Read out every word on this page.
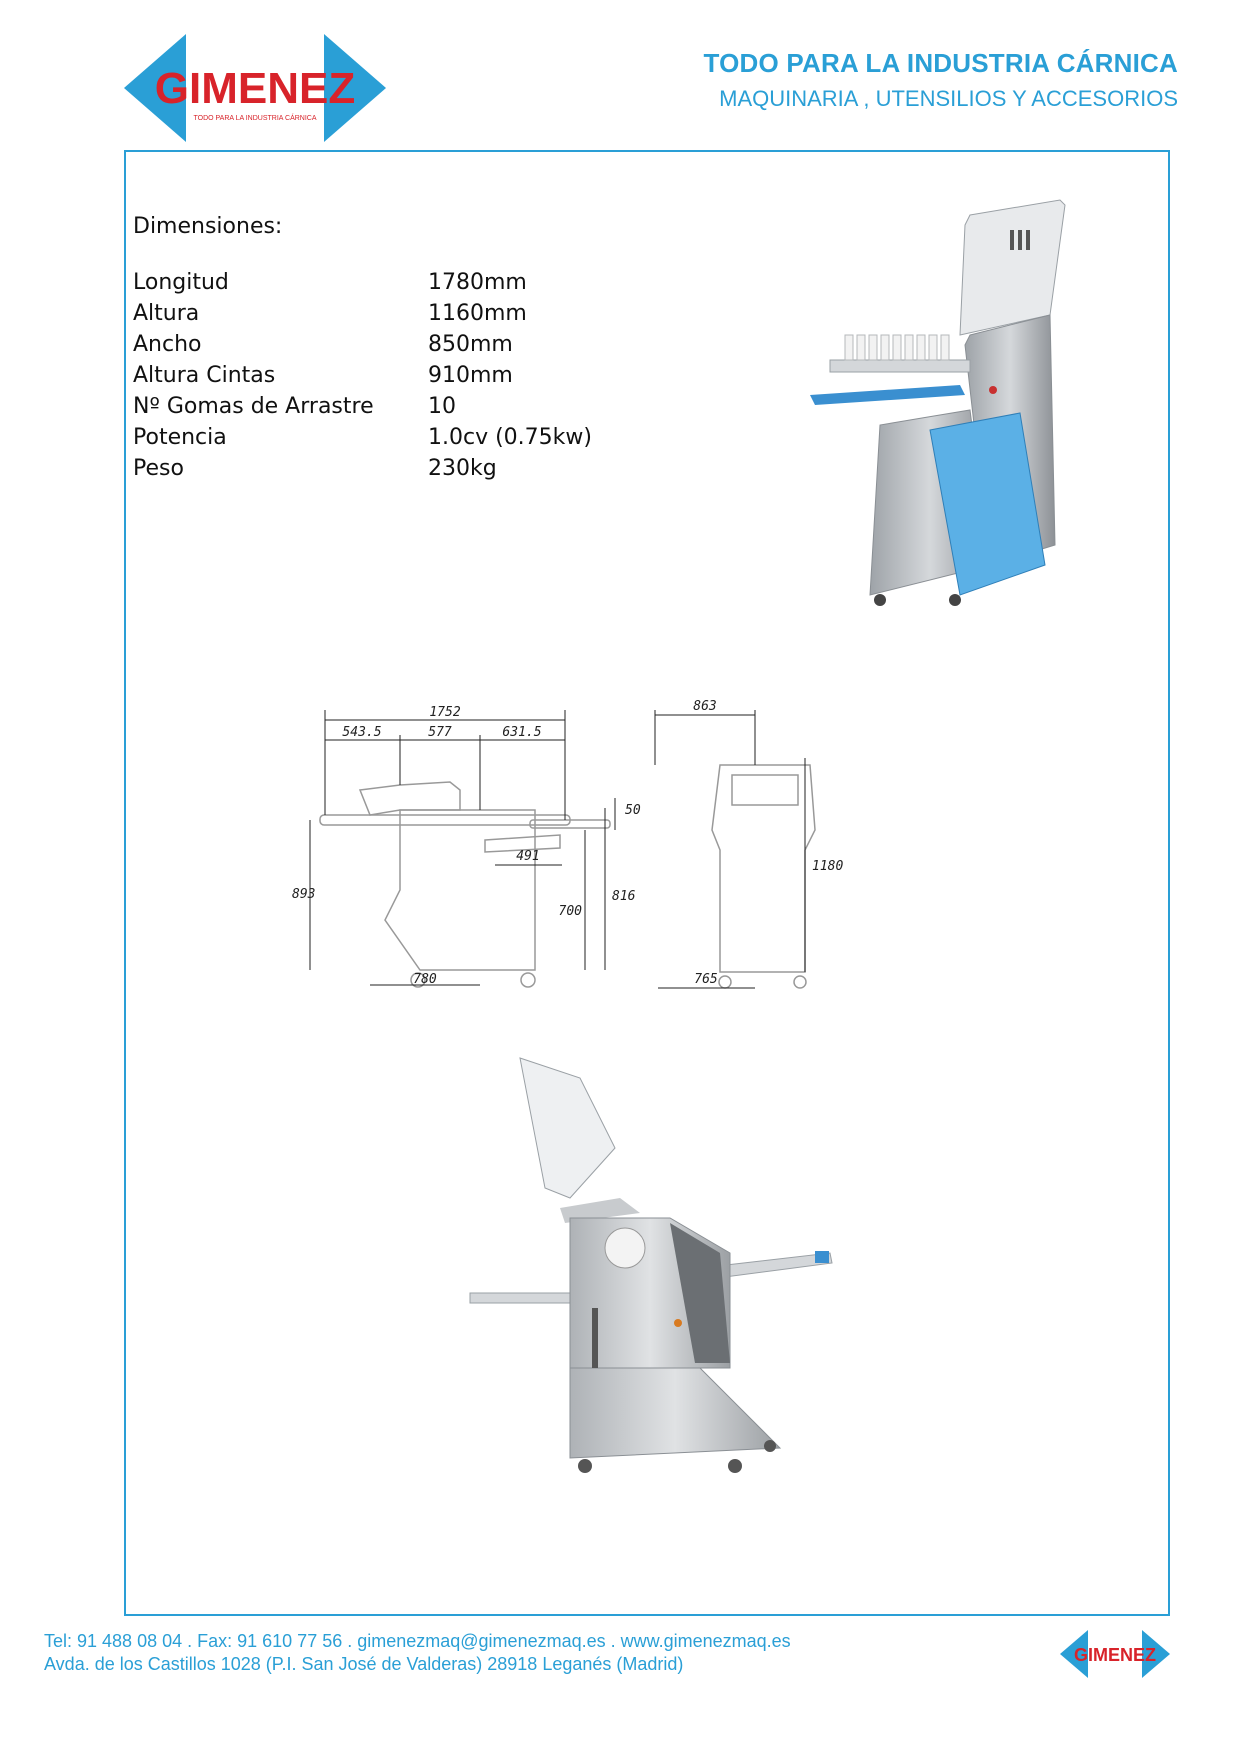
GIMENEZ
TODO PARA LA INDUSTRIA CÁRNICA
TODO PARA LA INDUSTRIA CÁRNICA
MAQUINARIA , UTENSILIOS Y ACCESORIOS
Dimensiones:
Longitud	1780mm
Altura	1160mm
Ancho	850mm
Altura Cintas	910mm
Nº Gomas de Arrastre	10
Potencia	1.0cv (0.75kw)
Peso	230kg
1752
543.5	577	631.5
50
491
893	816
700
780
863
1180
765
Tel: 91 488 08 04 . Fax: 91 610 77 56 . gimenezmaq@gimenezmaq.es . www.gimenezmaq.es
Avda. de los Castillos 1028 (P.I. San José de Valderas) 28918 Leganés (Madrid)	GIMENEZ
